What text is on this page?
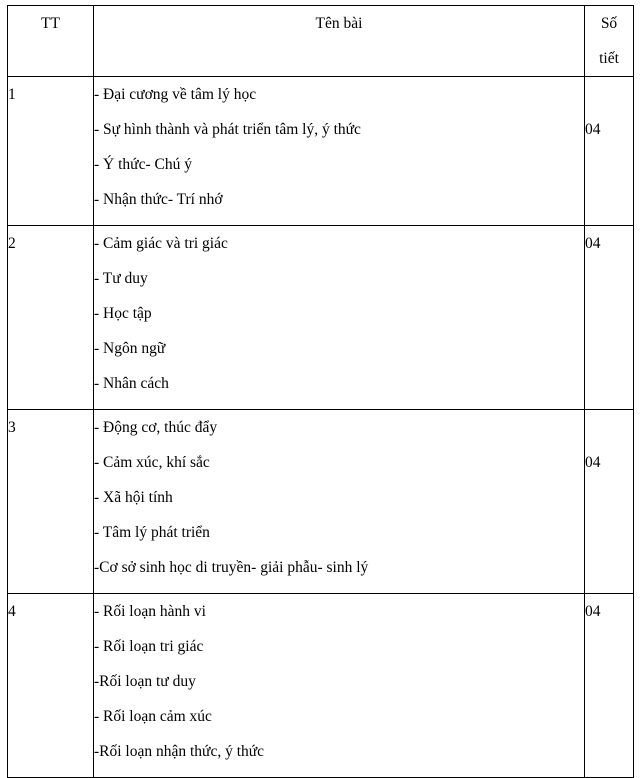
TT	Tên bài	Số
tiết

1	- Đại cương về tâm lý học
- Sự hình thành và phát triển tâm lý, ý thức
- Ý thức- Chú ý
- Nhận thức- Trí nhớ	04

2	- Cảm giác và tri giác
- Tư duy
- Học tập
- Ngôn ngữ
- Nhân cách	04

3	- Động cơ, thúc đẩy
- Cảm xúc, khí sắc
- Xã hội tính
- Tâm lý phát triển
-Cơ sở sinh học di truyền- giải phẫu- sinh lý	04

4	- Rối loạn hành vi
- Rối loạn tri giác
-Rối loạn tư duy
- Rối loạn cảm xúc
-Rối loạn nhận thức, ý thức	04
